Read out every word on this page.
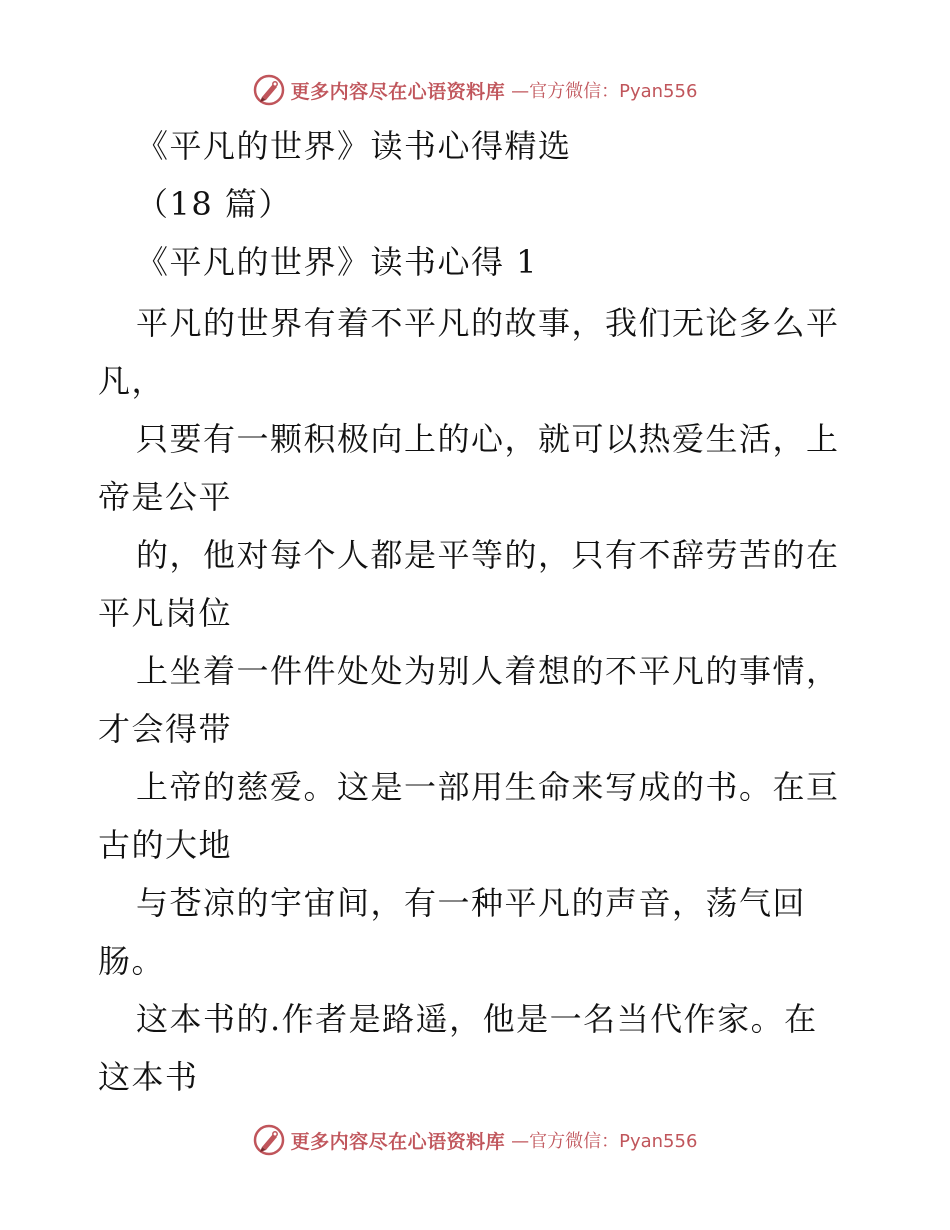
更多内容尽在心语资料库 —官方微信：Pyan556
《平凡的世界》读书心得精选
（18 篇）
《平凡的世界》读书心得 1
平凡的世界有着不平凡的故事，我们无论多么平
凡，
只要有一颗积极向上的心，就可以热爱生活，上
帝是公平
的，他对每个人都是平等的，只有不辞劳苦的在
平凡岗位
上坐着一件件处处为别人着想的不平凡的事情，
才会得带
上帝的慈爱。这是一部用生命来写成的书。在亘
古的大地
与苍凉的宇宙间，有一种平凡的声音，荡气回
肠。
这本书的.作者是路遥，他是一名当代作家。在
这本书
更多内容尽在心语资料库 —官方微信：Pyan556
